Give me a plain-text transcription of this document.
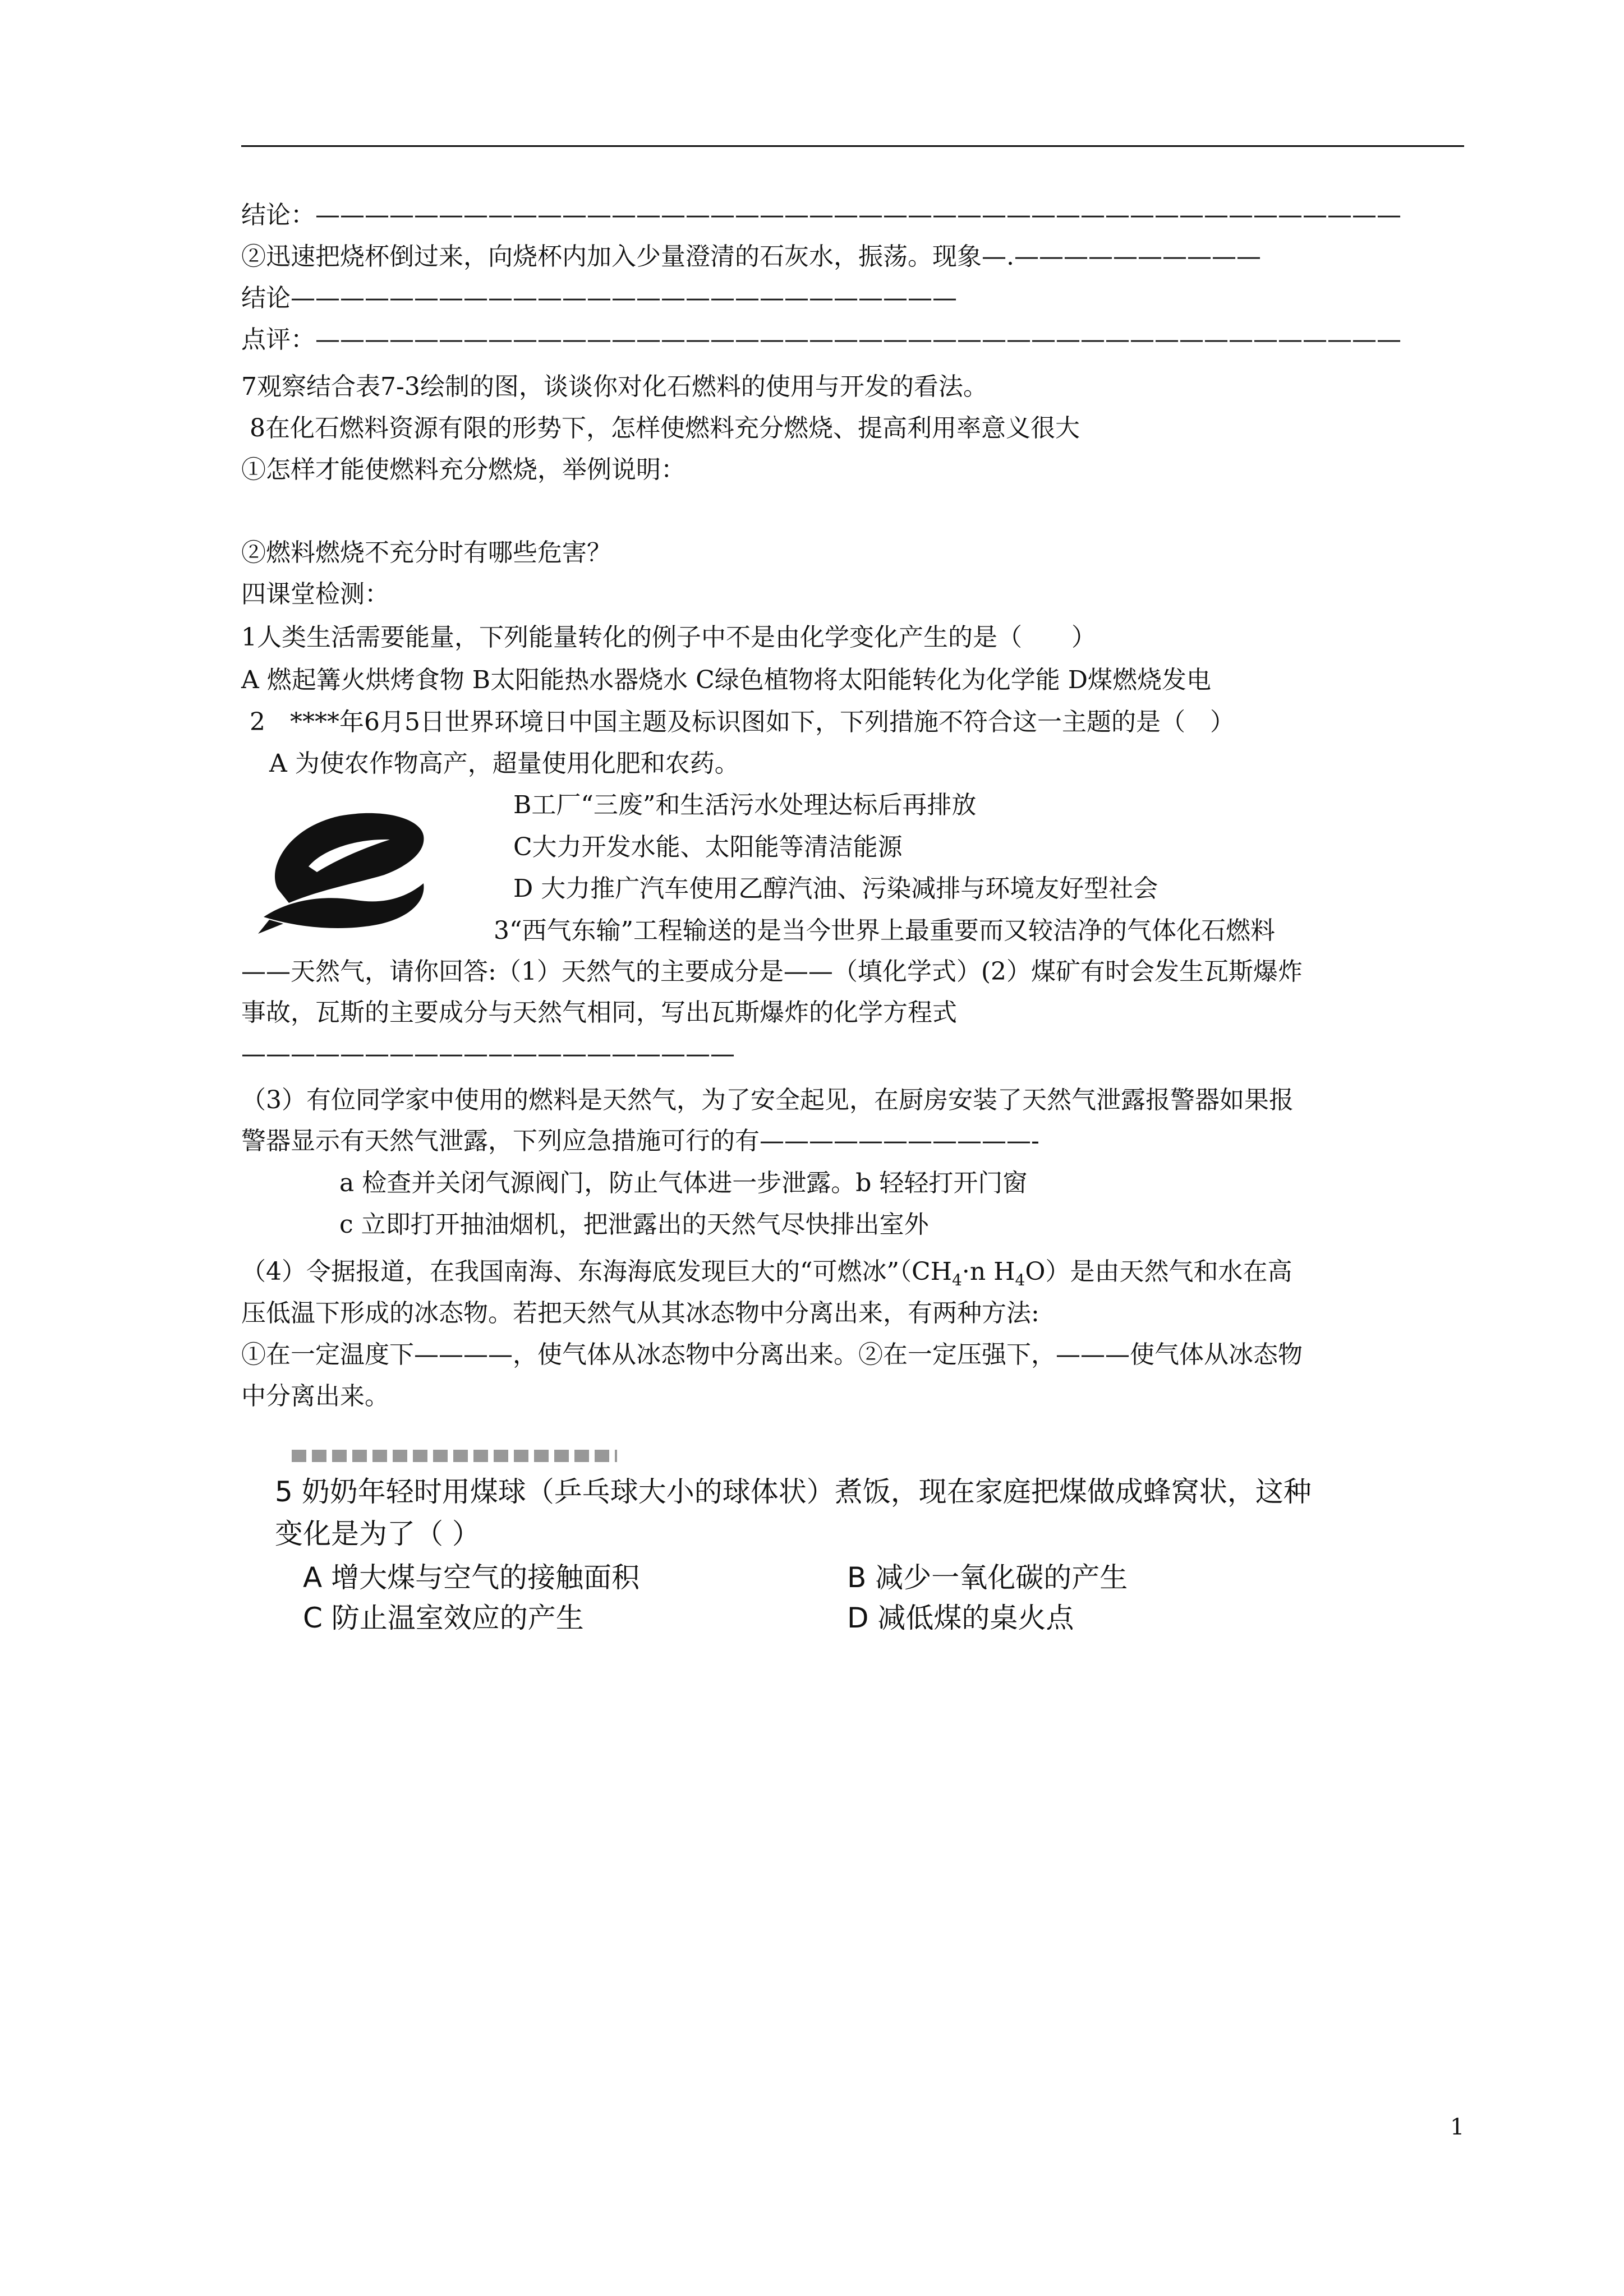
结论：————————————————————————————————————————————
②迅速把烧杯倒过来，向烧杯内加入少量澄清的石灰水，振荡。现象—.——————————
结论———————————————————————————
点评：————————————————————————————————————————————
7观察结合表7-3绘制的图，谈谈你对化石燃料的使用与开发的看法。
8在化石燃料资源有限的形势下，怎样使燃料充分燃烧、提高利用率意义很大
①怎样才能使燃料充分燃烧，举例说明：
②燃料燃烧不充分时有哪些危害？
四课堂检测：
1人类生活需要能量，下列能量转化的例子中不是由化学变化产生的是（　　）
A 燃起篝火烘烤食物 B太阳能热水器烧水 C绿色植物将太阳能转化为化学能 D煤燃烧发电
2　****年6月5日世界环境日中国主题及标识图如下，下列措施不符合这一主题的是（　）
A 为使农作物高产，超量使用化肥和农药。
B工厂“三废”和生活污水处理达标后再排放
C大力开发水能、太阳能等清洁能源
D 大力推广汽车使用乙醇汽油、污染减排与环境友好型社会
3“西气东输”工程输送的是当今世界上最重要而又较洁净的气体化石燃料
——天然气，请你回答:（1）天然气的主要成分是——（填化学式）(2）煤矿有时会发生瓦斯爆炸
事故，瓦斯的主要成分与天然气相同，写出瓦斯爆炸的化学方程式
————————————————————
（3）有位同学家中使用的燃料是天然气，为了安全起见，在厨房安装了天然气泄露报警器如果报
警器显示有天然气泄露，下列应急措施可行的有———————————-
a 检查并关闭气源阀门，防止气体进一步泄露。b 轻轻打开门窗
c 立即打开抽油烟机，把泄露出的天然气尽快排出室外
（4）令据报道，在我国南海、东海海底发现巨大的“可燃冰$”(CH_4\cdot n$ $H_4O$）是由天然气和水在高
压低温下形成的冰态物。若把天然气从其冰态物中分离出来，有两种方法:
①在一定温度下————，使气体从冰态物中分离出来。②在一定压强下，———使气体从冰态物
中分离出来。
5 奶奶年轻时用煤球（乒乓球大小的球体状）煮饭，现在家庭把煤做成蜂窝状，这种
变化是为了（ ）
A 增大煤与空气的接触面积	B 减少一氧化碳的产生
C 防止温室效应的产生	D 减低煤的桌火点
1
